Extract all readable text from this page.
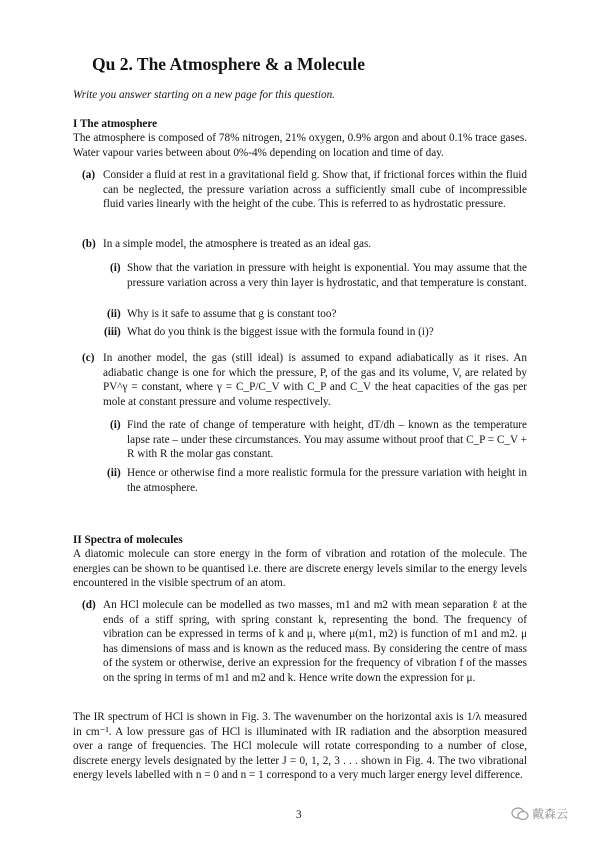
Qu 2. The Atmosphere & a Molecule
Write you answer starting on a new page for this question.
I The atmosphere
The atmosphere is composed of 78% nitrogen, 21% oxygen, 0.9% argon and about 0.1% trace gases. Water vapour varies between about 0%-4% depending on location and time of day.
(a) Consider a fluid at rest in a gravitational field g. Show that, if frictional forces within the fluid can be neglected, the pressure variation across a sufficiently small cube of incompressible fluid varies linearly with the height of the cube. This is referred to as hydrostatic pressure.
(b) In a simple model, the atmosphere is treated as an ideal gas.
(i) Show that the variation in pressure with height is exponential. You may assume that the pressure variation across a very thin layer is hydrostatic, and that temperature is constant.
(ii) Why is it safe to assume that g is constant too?
(iii) What do you think is the biggest issue with the formula found in (i)?
(c) In another model, the gas (still ideal) is assumed to expand adiabatically as it rises. An adiabatic change is one for which the pressure, P, of the gas and its volume, V, are related by PV^γ = constant, where γ = C_P/C_V with C_P and C_V the heat capacities of the gas per mole at constant pressure and volume respectively.
(i) Find the rate of change of temperature with height, dT/dh – known as the temperature lapse rate – under these circumstances. You may assume without proof that C_P = C_V + R with R the molar gas constant.
(ii) Hence or otherwise find a more realistic formula for the pressure variation with height in the atmosphere.
II Spectra of molecules
A diatomic molecule can store energy in the form of vibration and rotation of the molecule. The energies can be shown to be quantised i.e. there are discrete energy levels similar to the energy levels encountered in the visible spectrum of an atom.
(d) An HCl molecule can be modelled as two masses, m1 and m2 with mean separation ℓ at the ends of a stiff spring, with spring constant k, representing the bond. The frequency of vibration can be expressed in terms of k and μ, where μ(m1, m2) is function of m1 and m2. μ has dimensions of mass and is known as the reduced mass. By considering the centre of mass of the system or otherwise, derive an expression for the frequency of vibration f of the masses on the spring in terms of m1 and m2 and k. Hence write down the expression for μ.
The IR spectrum of HCl is shown in Fig. 3. The wavenumber on the horizontal axis is 1/λ measured in cm⁻¹. A low pressure gas of HCl is illuminated with IR radiation and the absorption measured over a range of frequencies. The HCl molecule will rotate corresponding to a number of close, discrete energy levels designated by the letter J = 0, 1, 2, 3 . . . shown in Fig. 4. The two vibrational energy levels labelled with n = 0 and n = 1 correspond to a very much larger energy level difference.
3	戴森云
